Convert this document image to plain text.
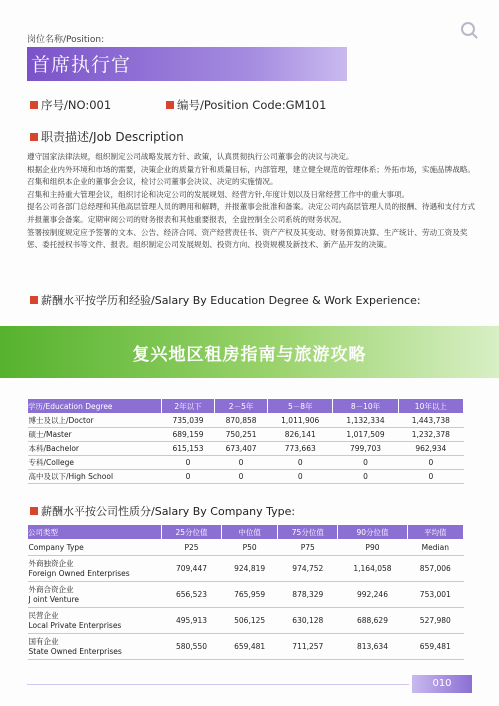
岗位名称/Position:
首席执行官
序号/NO:001	编号/Position Code:GM101
职责描述/Job Description

遵守国家法律法规，组织制定公司战略发展方针、政策，认真贯彻执行公司董事会的决议与决定。

根据企业内外环境和市场的需要，决策企业的质量方针和质量目标，内部管理，建立健全规范的管理体系；外拓市场，实施品牌战略。

召集和组织本企业的董事会会议，检讨公司董事会决议、决定的实施情况。

召集和主持重大管理会议，组织讨论和决定公司的发展规划、经营方针,年度计划以及日常经营工作中的重大事项。

提名公司各部门总经理和其他高层管理人员的聘用和解聘，并报董事会批准和备案。决定公司内高层管理人员的报酬、待遇和支付方式并报董事会备案。定期审阅公司的财务报表和其他重要报表，全盘控制全公司系统的财务状况。

签署按制度规定应予签署的文本、公告、经济合同、资产经营责任书、资产产权及其变动、财务预算决算、生产统计、劳动工资及奖惩、委托授权书等文件、报表。组织制定公司发展规划、投资方向、投资规模及新技术、新产品开发的决策。

复兴地区租房指南与旅游攻略
薪酬水平按学历和经验/Salary By Education Degree & Work Experience:
学历/Education Degree	2年以下	2－5年	5－8年	8－10年	10年以上
博士及以上/Doctor	735,039	870,858	1,011,906	1,132,334	1,443,738
硕士/Master	689,159	750,251	826,141	1,017,509	1,232,378
本科/Bachelor	615,153	673,407	773,663	799,703	962,934
专科/College	0	0	0	0	0
高中及以下/High School	0	0	0	0	0
薪酬水平按公司性质分/Salary By Company Type:
公司类型	25分位值	中位值	75分位值	90分位值	平均值

Company Type	P25	P50	P75	P90	Median

外商独资企业
Foreign Owned Enterprises	709,447	924,819	974,752	1,164,058	857,006

外商合资企业
J oint Venture	656,523	765,959	878,329	992,246	753,001

民营企业
Local Private Enterprises	495,913	506,125	630,128	688,629	527,980

国有企业
State Owned Enterprises	580,550	659,481	711,257	813,634	659,481
010
